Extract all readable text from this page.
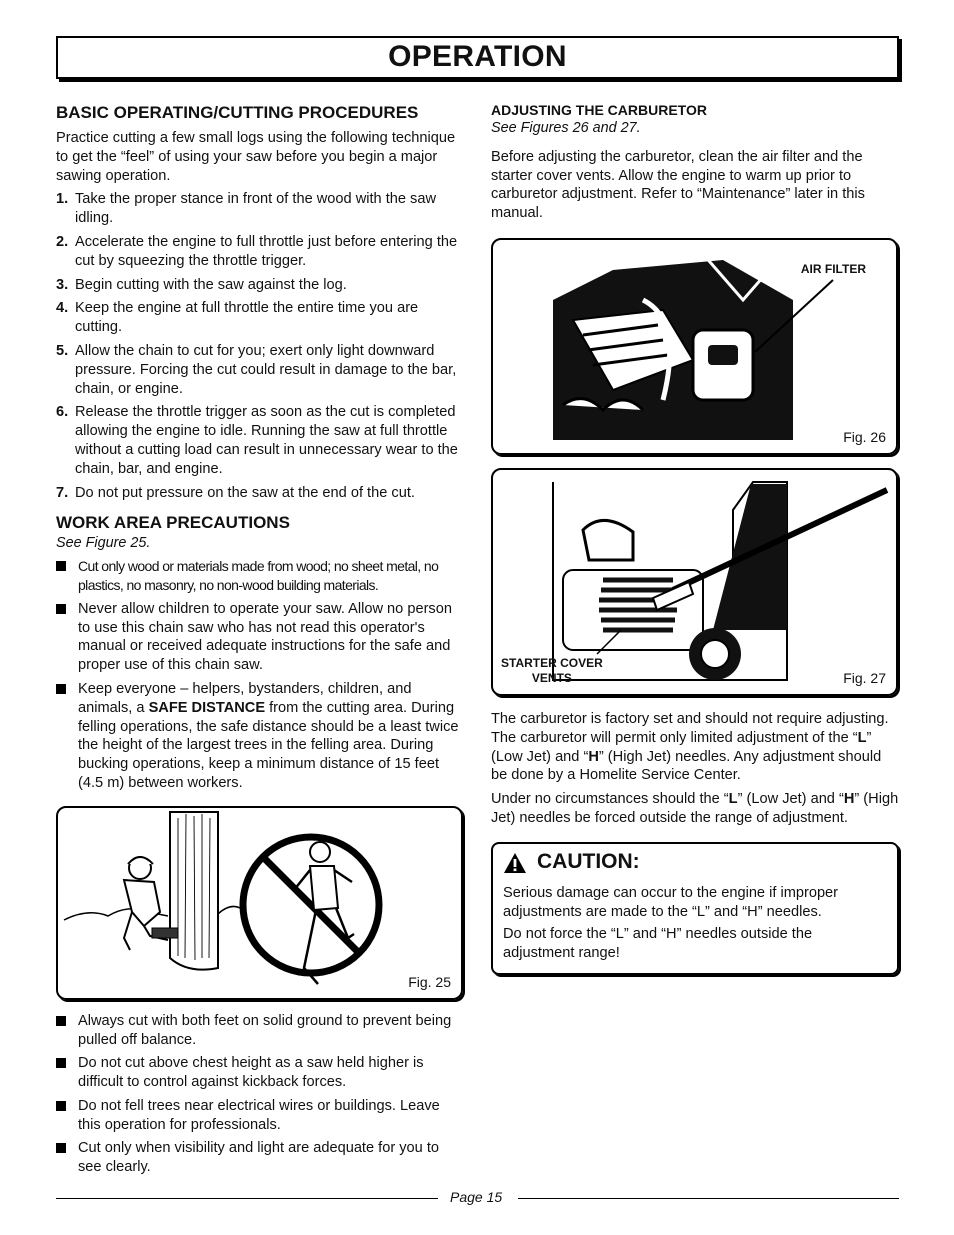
OPERATION
BASIC OPERATING/CUTTING PROCEDURES

Practice cutting a few small logs using the following technique to get the “feel” of using your saw before you begin a major sawing operation.

1. Take the proper stance in front of the wood with the saw idling.
2. Accelerate the engine to full throttle just before entering the cut by squeezing the throttle trigger.
3. Begin cutting with the saw against the log.
4. Keep the engine at full throttle the entire time you are cutting.
5. Allow the chain to cut for you; exert only light downward pressure. Forcing the cut could result in damage to the bar, chain, or engine.
6. Release the throttle trigger as soon as the cut is completed allowing the engine to idle. Running the saw at full throttle without a cutting load can result in unnecessary wear to the chain, bar, and engine.
7. Do not put pressure on the saw at the end of the cut.
WORK AREA PRECAUTIONS
See Figure 25.
Cut only wood or materials made from wood; no sheet metal, no plastics, no masonry, no non-wood building materials.
Never allow children to operate your saw. Allow no person to use this chain saw who has not read this operator's manual or received adequate instructions for the safe and proper use of this chain saw.
Keep everyone – helpers, bystanders, children, and animals, a SAFE DISTANCE from the cutting area. During felling operations, the safe distance should be a least twice the height of the largest trees in the felling area. During bucking operations, keep a minimum distance of 15 feet (4.5 m) between workers.
Fig. 25
Always cut with both feet on solid ground to prevent being pulled off balance.
Do not cut above chest height as a saw held higher is difficult to control against kickback forces.
Do not fell trees near electrical wires or buildings. Leave this operation for professionals.
Cut only when visibility and light are adequate for you to see clearly.
ADJUSTING THE CARBURETOR
See Figures 26 and 27.

Before adjusting the carburetor, clean the air filter and the starter cover vents. Allow the engine to warm up prior to carburetor adjustment. Refer to “Maintenance” later in this manual.

AIR FILTER
Fig. 26
STARTER COVER
VENTS	Fig. 27

The carburetor is factory set and should not require adjusting. The carburetor will permit only limited adjustment of the “L” (Low Jet) and “H” (High Jet) needles. Any adjustment should be done by a Homelite Service Center.

Under no circumstances should the “L” (Low Jet) and “H” (High Jet) needles be forced outside the range of adjustment.

CAUTION:

Serious damage can occur to the engine if improper adjustments are made to the “L” and “H” needles.

Do not force the “L” and “H” needles outside the adjustment range!

Page 15
